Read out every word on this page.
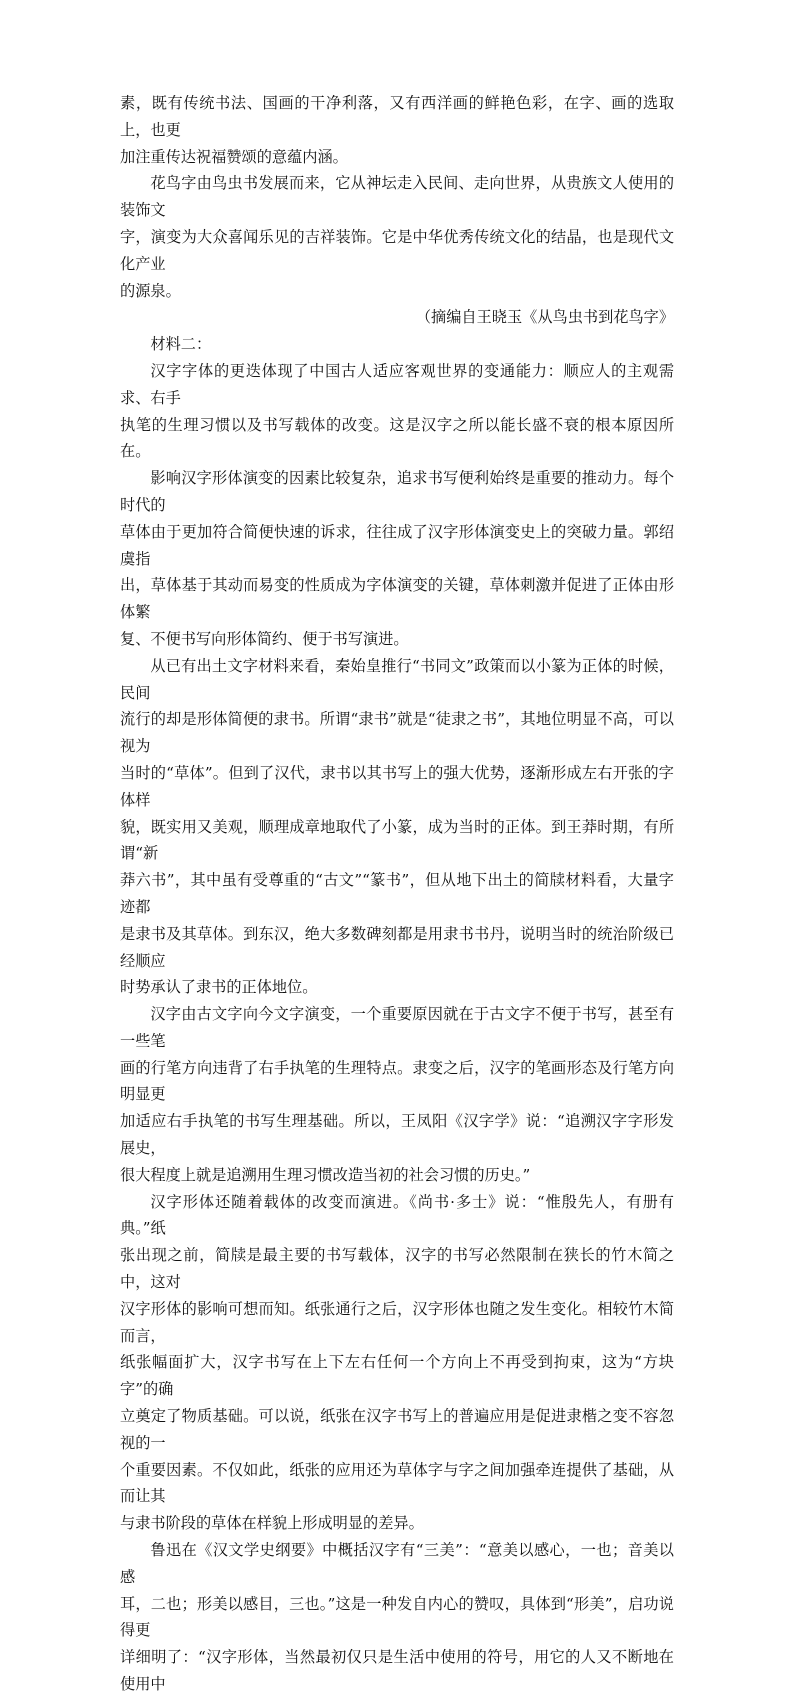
素，既有传统书法、国画的干净利落，又有西洋画的鲜艳色彩，在字、画的选取上，也更
加注重传达祝福赞颂的意蕴内涵。

花鸟字由鸟虫书发展而来，它从神坛走入民间、走向世界，从贵族文人使用的装饰文
字，演变为大众喜闻乐见的吉祥装饰。它是中华优秀传统文化的结晶，也是现代文化产业
的源泉。

（摘编自王晓玉《从鸟虫书到花鸟字》

材料二：

汉字字体的更迭体现了中国古人适应客观世界的变通能力：顺应人的主观需求、右手
执笔的生理习惯以及书写载体的改变。这是汉字之所以能长盛不衰的根本原因所在。

影响汉字形体演变的因素比较复杂，追求书写便利始终是重要的推动力。每个时代的
草体由于更加符合简便快速的诉求，往往成了汉字形体演变史上的突破力量。郭绍虞指
出，草体基于其动而易变的性质成为字体演变的关键，草体刺激并促进了正体由形体繁
复、不便书写向形体简约、便于书写演进。

从已有出土文字材料来看，秦始皇推行“书同文”政策而以小篆为正体的时候，民间
流行的却是形体简便的隶书。所谓“隶书”就是“徒隶之书”，其地位明显不高，可以视为
当时的“草体”。但到了汉代，隶书以其书写上的强大优势，逐渐形成左右开张的字体样
貌，既实用又美观，顺理成章地取代了小篆，成为当时的正体。到王莽时期，有所谓“新
莽六书”，其中虽有受尊重的“古文”“篆书”，但从地下出土的简牍材料看，大量字迹都
是隶书及其草体。到东汉，绝大多数碑刻都是用隶书书丹，说明当时的统治阶级已经顺应
时势承认了隶书的正体地位。

汉字由古文字向今文字演变，一个重要原因就在于古文字不便于书写，甚至有一些笔
画的行笔方向违背了右手执笔的生理特点。隶变之后，汉字的笔画形态及行笔方向明显更
加适应右手执笔的书写生理基础。所以，王凤阳《汉字学》说：“追溯汉字字形发展史，
很大程度上就是追溯用生理习惯改造当初的社会习惯的历史。”

汉字形体还随着载体的改变而演进。《尚书·多士》说：“惟殷先人，有册有典。”纸
张出现之前，简牍是最主要的书写载体，汉字的书写必然限制在狭长的竹木简之中，这对
汉字形体的影响可想而知。纸张通行之后，汉字形体也随之发生变化。相较竹木简而言，
纸张幅面扩大，汉字书写在上下左右任何一个方向上不再受到拘束，这为“方块字”的确
立奠定了物质基础。可以说，纸张在汉字书写上的普遍应用是促进隶楷之变不容忽视的一
个重要因素。不仅如此，纸张的应用还为草体字与字之间加强牵连提供了基础，从而让其
与隶书阶段的草体在样貌上形成明显的差异。

鲁迅在《汉文学史纲要》中概括汉字有“三美”：“意美以感心，一也；音美以感
耳，二也；形美以感目，三也。”这是一种发自内心的赞叹，具体到“形美”，启功说得更
详细明了：“汉字形体，当然最初仅只是生活中使用的符号，用它的人又不断地在使用中
